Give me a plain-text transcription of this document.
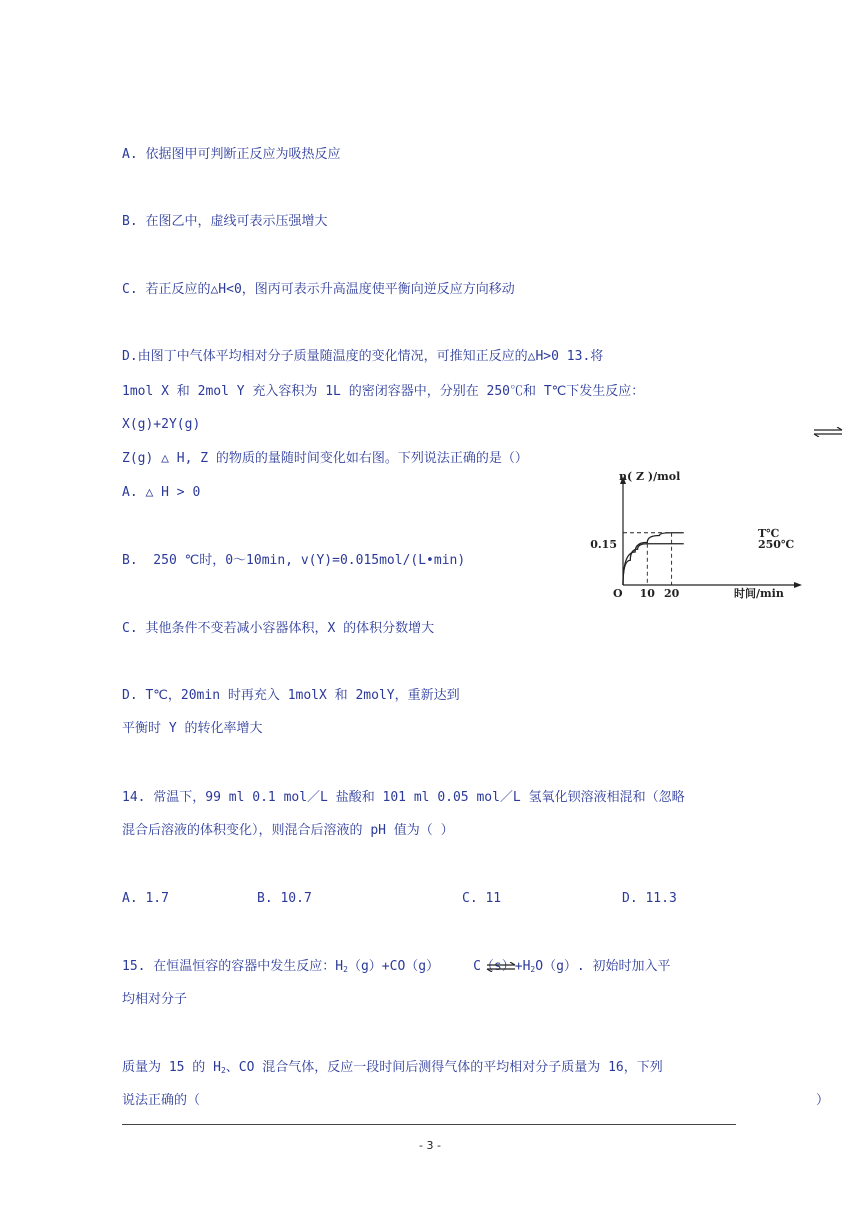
A. 依据图甲可判断正反应为吸热反应
B. 在图乙中，虚线可表示压强增大
C. 若正反应的△H<0，图丙可表示升高温度使平衡向逆反应方向移动
D.由图丁中气体平均相对分子质量随温度的变化情况，可推知正反应的△H>0 13.将
1mol X 和 2mol Y 充入容积为 1L 的密闭容器中，分别在 250℃和 T℃下发生反应：
X(g)+2Y(g)
Z(g) △ H, Z 的物质的量随时间变化如右图。下列说法正确的是（）
A. △ H > 0
B.  250 ℃时，0～10min, v(Y)=0.015mol/(L•min)
C. 其他条件不变若减小容器体积，X 的体积分数增大
D. T℃，20min 时再充入 1molX 和 2molY，重新达到
平衡时 Y 的转化率增大
n( Z )/mol
时间/min
O
T℃
250℃
0.15
10 20
14. 常温下，99 ml 0.1 mol／L 盐酸和 101 ml 0.05 mol／L 氢氧化钡溶液相混和（忽略
混合后溶液的体积变化），则混合后溶液的 pH 值为（ ）
A. 1.7	B. 10.7	C. 11	D. 11.3
15. 在恒温恒容的容器中发生反应：$H_2(g)+CO(g)$	$C(s)+H_2O(g)$. 初始时加入平
均相对分子
质量为 15 的 $H_2$、CO 混合气体，反应一段时间后测得气体的平均相对分子质量为 16，下列
说法正确的（	）
- 3 -
